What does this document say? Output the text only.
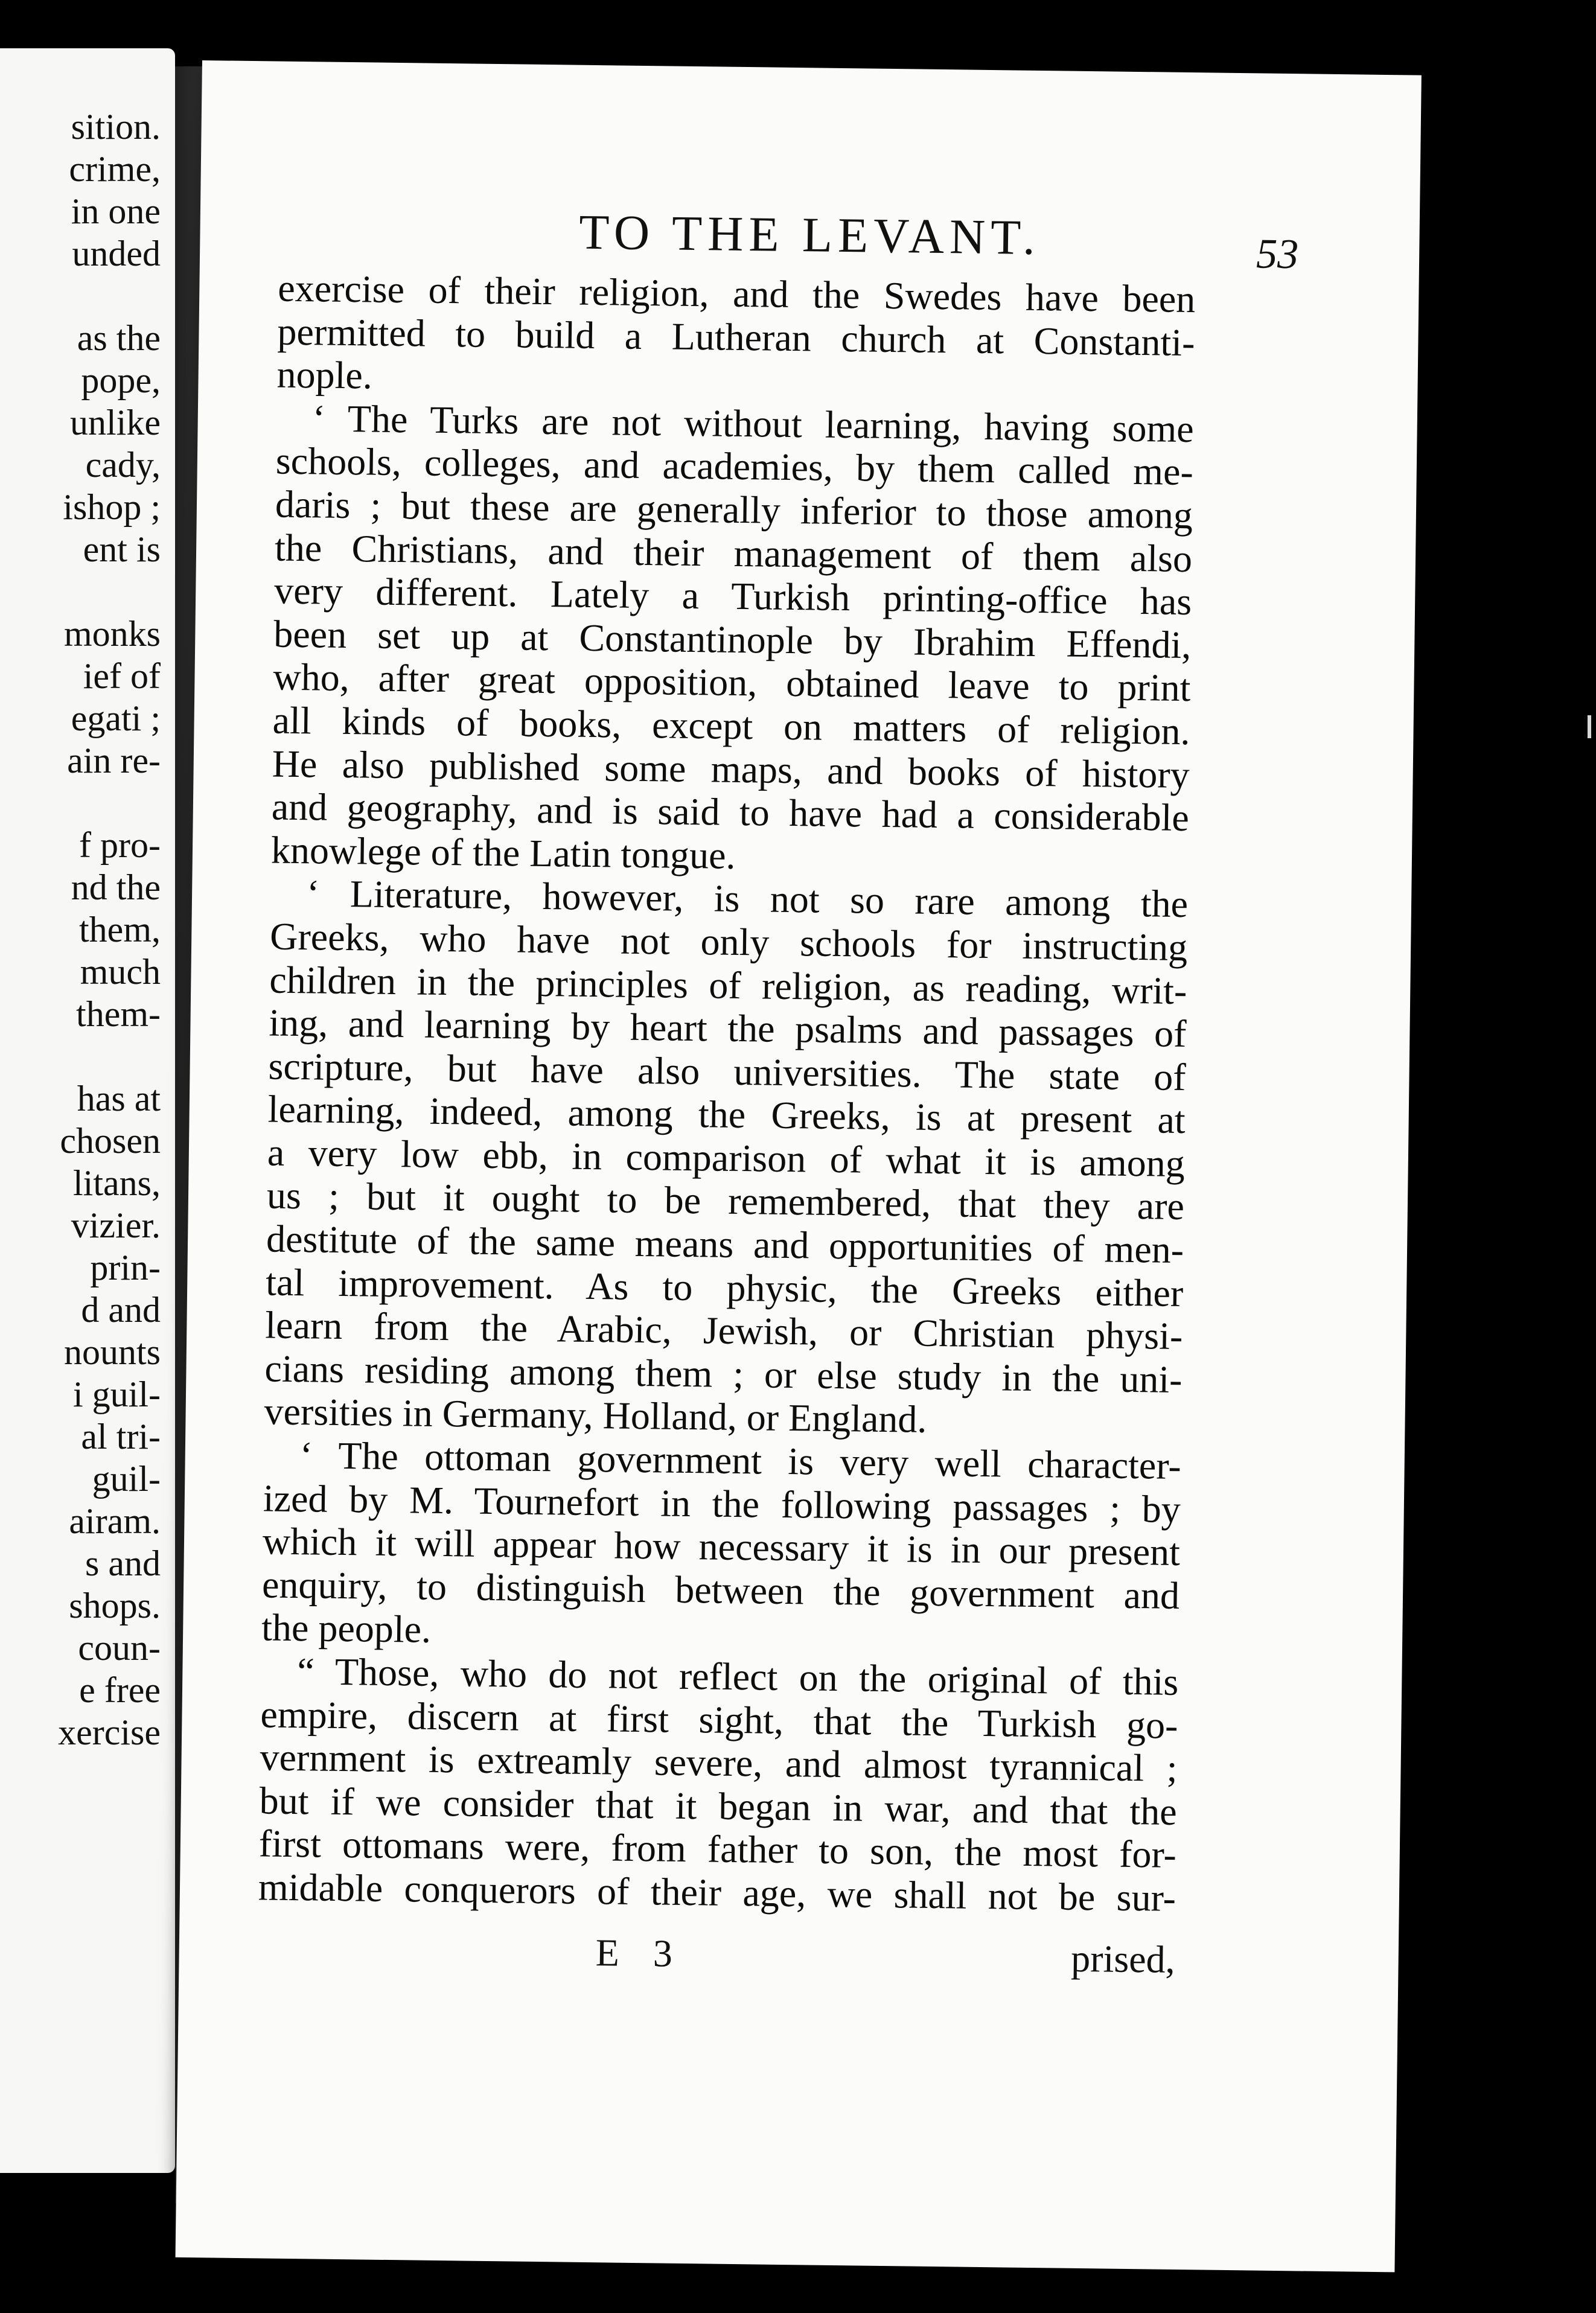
sition.
crime,
in one
unded
as the
pope,
unlike
cady,
ishop ;
ent is
monks
ief of
egati ;
ain re-
f pro-
nd the
them,
much
them-
has at
chosen
litans,
vizier.
prin-
d and
nounts
i guil-
al tri-
guil-
airam.
s and
shops.
coun-
e free
xercise
TO THE LEVANT.	53
exercise of their religion, and the Swedes have been
permitted to build a Lutheran church at Constanti-
nople.
‘ The Turks are not without learning, having some
schools, colleges, and academies, by them called me-
daris ; but these are generally inferior to those among
the Christians, and their management of them also
very different. Lately a Turkish printing-office has
been set up at Constantinople by Ibrahim Effendi,
who, after great opposition, obtained leave to print
all kinds of books, except on matters of religion.
He also published some maps, and books of history
and geography, and is said to have had a considerable
knowlege of the Latin tongue.
‘ Literature, however, is not so rare among the
Greeks, who have not only schools for instructing
children in the principles of religion, as reading, writ-
ing, and learning by heart the psalms and passages of
scripture, but have also universities. The state of
learning, indeed, among the Greeks, is at present at
a very low ebb, in comparison of what it is among
us ; but it ought to be remembered, that they are
destitute of the same means and opportunities of men-
tal improvement. As to physic, the Greeks either
learn from the Arabic, Jewish, or Christian physi-
cians residing among them ; or else study in the uni-
versities in Germany, Holland, or England.
‘ The ottoman government is very well character-
ized by M. Tournefort in the following passages ; by
which it will appear how necessary it is in our present
enquiry, to distinguish between the government and
the people.
“ Those, who do not reflect on the original of this
empire, discern at first sight, that the Turkish go-
vernment is extreamly severe, and almost tyrannical ;
but if we consider that it began in war, and that the
first ottomans were, from father to son, the most for-
midable conquerors of their age, we shall not be sur-
E 3	prised,
